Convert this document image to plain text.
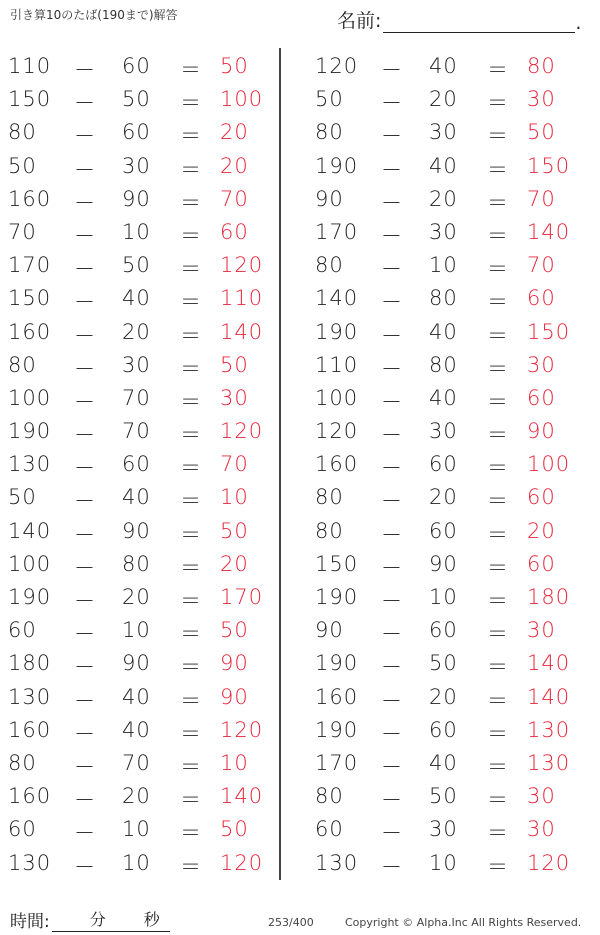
引き算10のたば(190まで)解答	名前:	.
110 － 60 ＝ 50
150 － 50 ＝ 100
80 － 60 ＝ 20
50 － 30 ＝ 20
160 － 90 ＝ 70
70 － 10 ＝ 60
170 － 50 ＝ 120
150 － 40 ＝ 110
160 － 20 ＝ 140
80 － 30 ＝ 50
100 － 70 ＝ 30
190 － 70 ＝ 120
130 － 60 ＝ 70
50 － 40 ＝ 10
140 － 90 ＝ 50
100 － 80 ＝ 20
190 － 20 ＝ 170
60 － 10 ＝ 50
180 － 90 ＝ 90
130 － 40 ＝ 90
160 － 40 ＝ 120
80 － 70 ＝ 10
160 － 20 ＝ 140
60 － 10 ＝ 50
130 － 10 ＝ 120
120 － 40 ＝ 80
50 － 20 ＝ 30
80 － 30 ＝ 50
190 － 40 ＝ 150
90 － 20 ＝ 70
170 － 30 ＝ 140
80 － 10 ＝ 70
140 － 80 ＝ 60
190 － 40 ＝ 150
110 － 80 ＝ 30
100 － 40 ＝ 60
120 － 30 ＝ 90
160 － 60 ＝ 100
80 － 20 ＝ 60
80 － 60 ＝ 20
150 － 90 ＝ 60
190 － 10 ＝ 180
90 － 60 ＝ 30
190 － 50 ＝ 140
160 － 20 ＝ 140
190 － 60 ＝ 130
170 － 40 ＝ 130
80 － 50 ＝ 30
60 － 30 ＝ 30
130 － 10 ＝ 120
時間:	分 秒	253/400	Copyright © Alpha.Inc All Rights Reserved.
